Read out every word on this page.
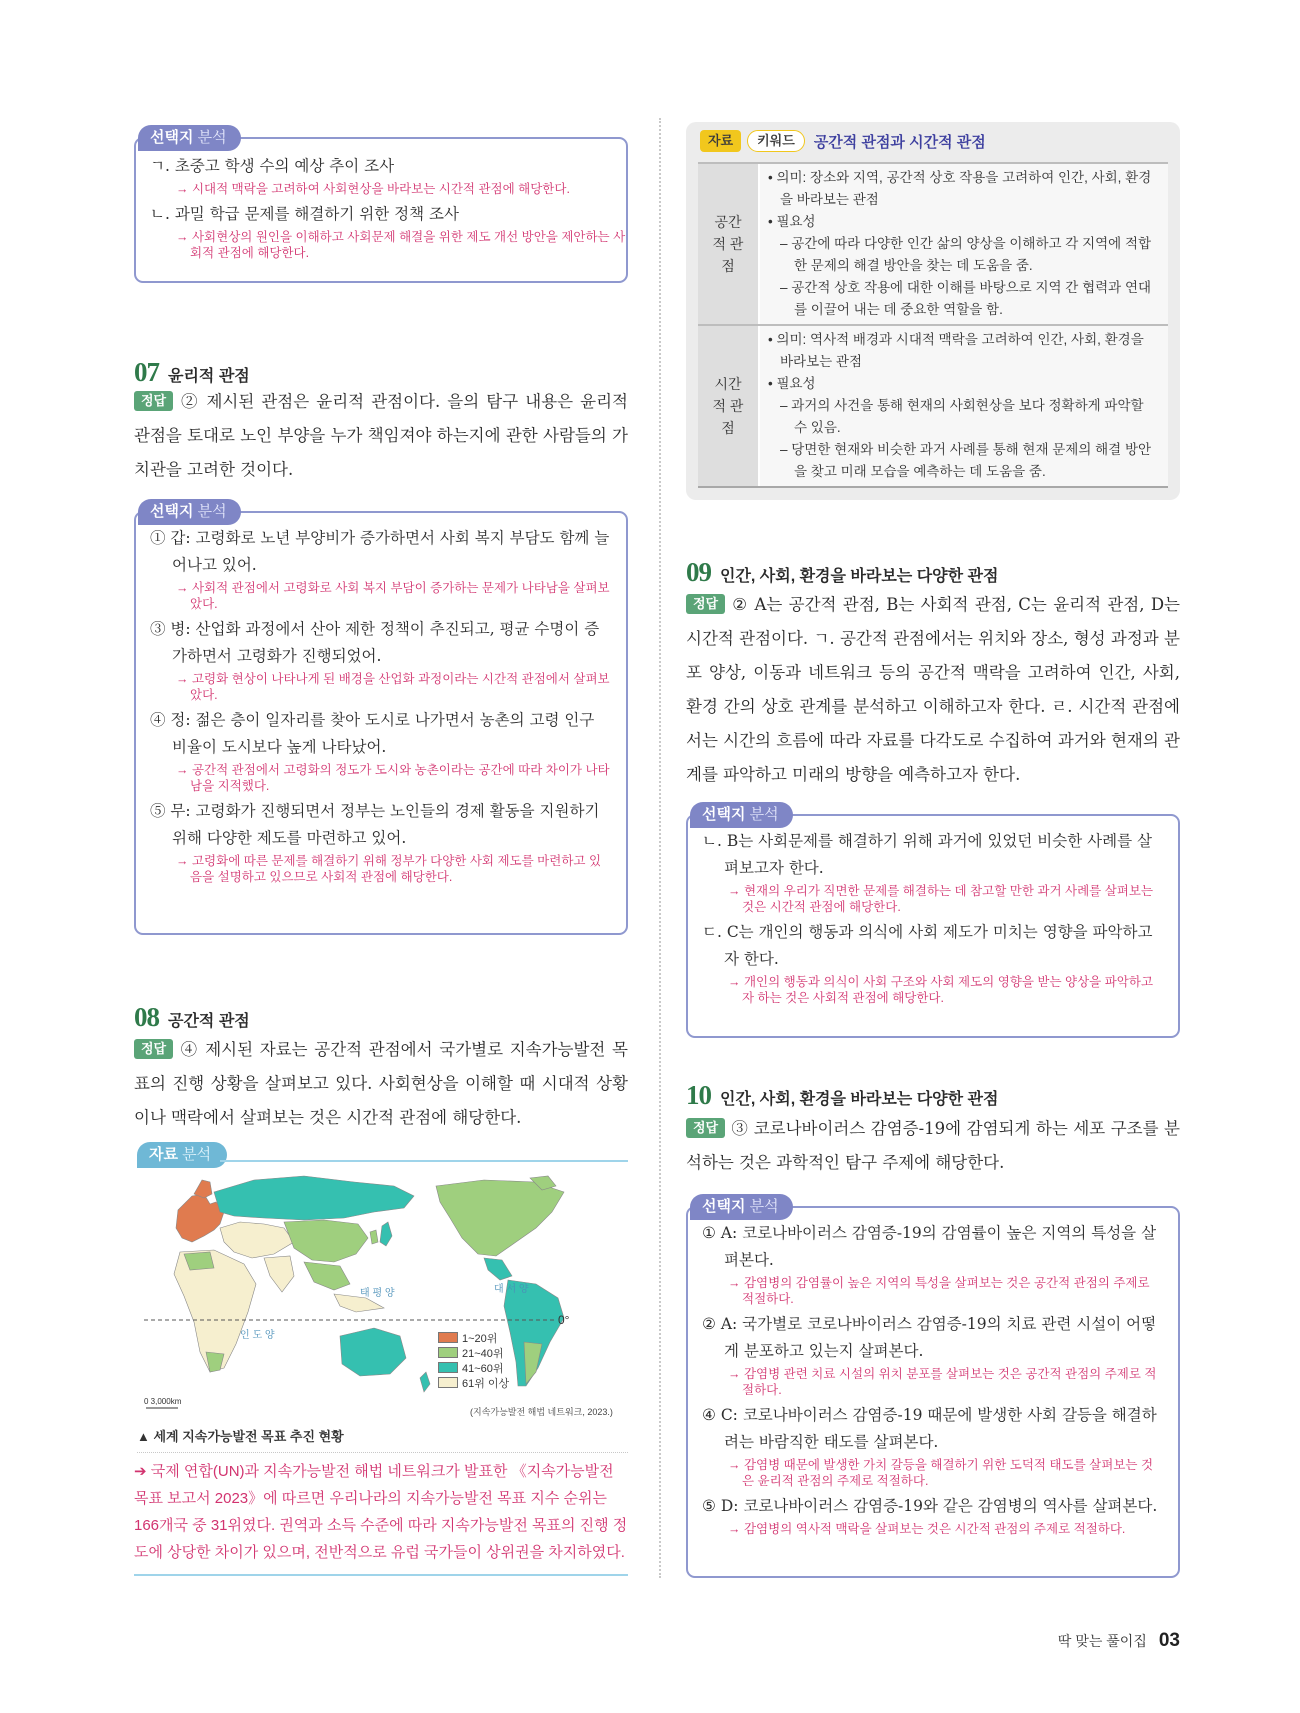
선택지 분석
ㄱ. 초중고 학생 수의 예상 추이 조사
→ 시대적 맥락을 고려하여 사회현상을 바라보는 시간적 관점에 해당한다.
ㄴ. 과밀 학급 문제를 해결하기 위한 정책 조사
→ 사회현상의 원인을 이해하고 사회문제 해결을 위한 제도 개선 방안을 제안하는 사회적 관점에 해당한다.
07 윤리적 관점
정답 ② 제시된 관점은 윤리적 관점이다. 을의 탐구 내용은 윤리적 관점을 토대로 노인 부양을 누가 책임져야 하는지에 관한 사람들의 가치관을 고려한 것이다.
선택지 분석
① 갑: 고령화로 노년 부양비가 증가하면서 사회 복지 부담도 함께 늘어나고 있어.
→ 사회적 관점에서 고령화로 사회 복지 부담이 증가하는 문제가 나타남을 살펴보았다.
③ 병: 산업화 과정에서 산아 제한 정책이 추진되고, 평균 수명이 증가하면서 고령화가 진행되었어.
→ 고령화 현상이 나타나게 된 배경을 산업화 과정이라는 시간적 관점에서 살펴보았다.
④ 정: 젊은 층이 일자리를 찾아 도시로 나가면서 농촌의 고령 인구 비율이 도시보다 높게 나타났어.
→ 공간적 관점에서 고령화의 정도가 도시와 농촌이라는 공간에 따라 차이가 나타남을 지적했다.
⑤ 무: 고령화가 진행되면서 정부는 노인들의 경제 활동을 지원하기 위해 다양한 제도를 마련하고 있어.
→ 고령화에 따른 문제를 해결하기 위해 정부가 다양한 사회 제도를 마련하고 있음을 설명하고 있으므로 사회적 관점에 해당한다.
08 공간적 관점
정답 ④ 제시된 자료는 공간적 관점에서 국가별로 지속가능발전 목표의 진행 상황을 살펴보고 있다. 사회현상을 이해할 때 시대적 상황이나 맥락에서 살펴보는 것은 시간적 관점에 해당한다.
자료 분석
태 평 양	대 서 양
인 도 양
0°
0 3,000km
1~20위
21~40위
41~60위
61위 이상
(지속가능발전 해법 네트워크, 2023.)
▲ 세계 지속가능발전 목표 추진 현황
➔ 국제 연합(UN)과 지속가능발전 해법 네트워크가 발표한 《지속가능발전 목표 보고서 2023》에 따르면 우리나라의 지속가능발전 목표 지수 순위는 166개국 중 31위였다. 권역과 소득 수준에 따라 지속가능발전 목표의 진행 정도에 상당한 차이가 있으며, 전반적으로 유럽 국가들이 상위권을 차지하였다.
자료	키워드	공간적 관점과 시간적 관점
공간적 관점
• 의미: 장소와 지역, 공간적 상호 작용을 고려하여 인간, 사회, 환경을 바라보는 관점
• 필요성
– 공간에 따라 다양한 인간 삶의 양상을 이해하고 각 지역에 적합한 문제의 해결 방안을 찾는 데 도움을 줌.
– 공간적 상호 작용에 대한 이해를 바탕으로 지역 간 협력과 연대를 이끌어 내는 데 중요한 역할을 함.
시간적 관점
• 의미: 역사적 배경과 시대적 맥락을 고려하여 인간, 사회, 환경을 바라보는 관점
• 필요성
– 과거의 사건을 통해 현재의 사회현상을 보다 정확하게 파악할 수 있음.
– 당면한 현재와 비슷한 과거 사례를 통해 현재 문제의 해결 방안을 찾고 미래 모습을 예측하는 데 도움을 줌.
09 인간, 사회, 환경을 바라보는 다양한 관점
정답 ② A는 공간적 관점, B는 사회적 관점, C는 윤리적 관점, D는 시간적 관점이다. ㄱ. 공간적 관점에서는 위치와 장소, 형성 과정과 분포 양상, 이동과 네트워크 등의 공간적 맥락을 고려하여 인간, 사회, 환경 간의 상호 관계를 분석하고 이해하고자 한다. ㄹ. 시간적 관점에서는 시간의 흐름에 따라 자료를 다각도로 수집하여 과거와 현재의 관계를 파악하고 미래의 방향을 예측하고자 한다.
선택지 분석
ㄴ. B는 사회문제를 해결하기 위해 과거에 있었던 비슷한 사례를 살펴보고자 한다.
→ 현재의 우리가 직면한 문제를 해결하는 데 참고할 만한 과거 사례를 살펴보는 것은 시간적 관점에 해당한다.
ㄷ. C는 개인의 행동과 의식에 사회 제도가 미치는 영향을 파악하고자 한다.
→ 개인의 행동과 의식이 사회 구조와 사회 제도의 영향을 받는 양상을 파악하고자 하는 것은 사회적 관점에 해당한다.
10 인간, 사회, 환경을 바라보는 다양한 관점
정답 ③ 코로나바이러스 감염증-19에 감염되게 하는 세포 구조를 분석하는 것은 과학적인 탐구 주제에 해당한다.
선택지 분석
① A: 코로나바이러스 감염증-19의 감염률이 높은 지역의 특성을 살펴본다.
→ 감염병의 감염률이 높은 지역의 특성을 살펴보는 것은 공간적 관점의 주제로 적절하다.
② A: 국가별로 코로나바이러스 감염증-19의 치료 관련 시설이 어떻게 분포하고 있는지 살펴본다.
→ 감염병 관련 치료 시설의 위치 분포를 살펴보는 것은 공간적 관점의 주제로 적절하다.
④ C: 코로나바이러스 감염증-19 때문에 발생한 사회 갈등을 해결하려는 바람직한 태도를 살펴본다.
→ 감염병 때문에 발생한 가치 갈등을 해결하기 위한 도덕적 태도를 살펴보는 것은 윤리적 관점의 주제로 적절하다.
⑤ D: 코로나바이러스 감염증-19와 같은 감염병의 역사를 살펴본다.
→ 감염병의 역사적 맥락을 살펴보는 것은 시간적 관점의 주제로 적절하다.
딱 맞는 풀이집 03
